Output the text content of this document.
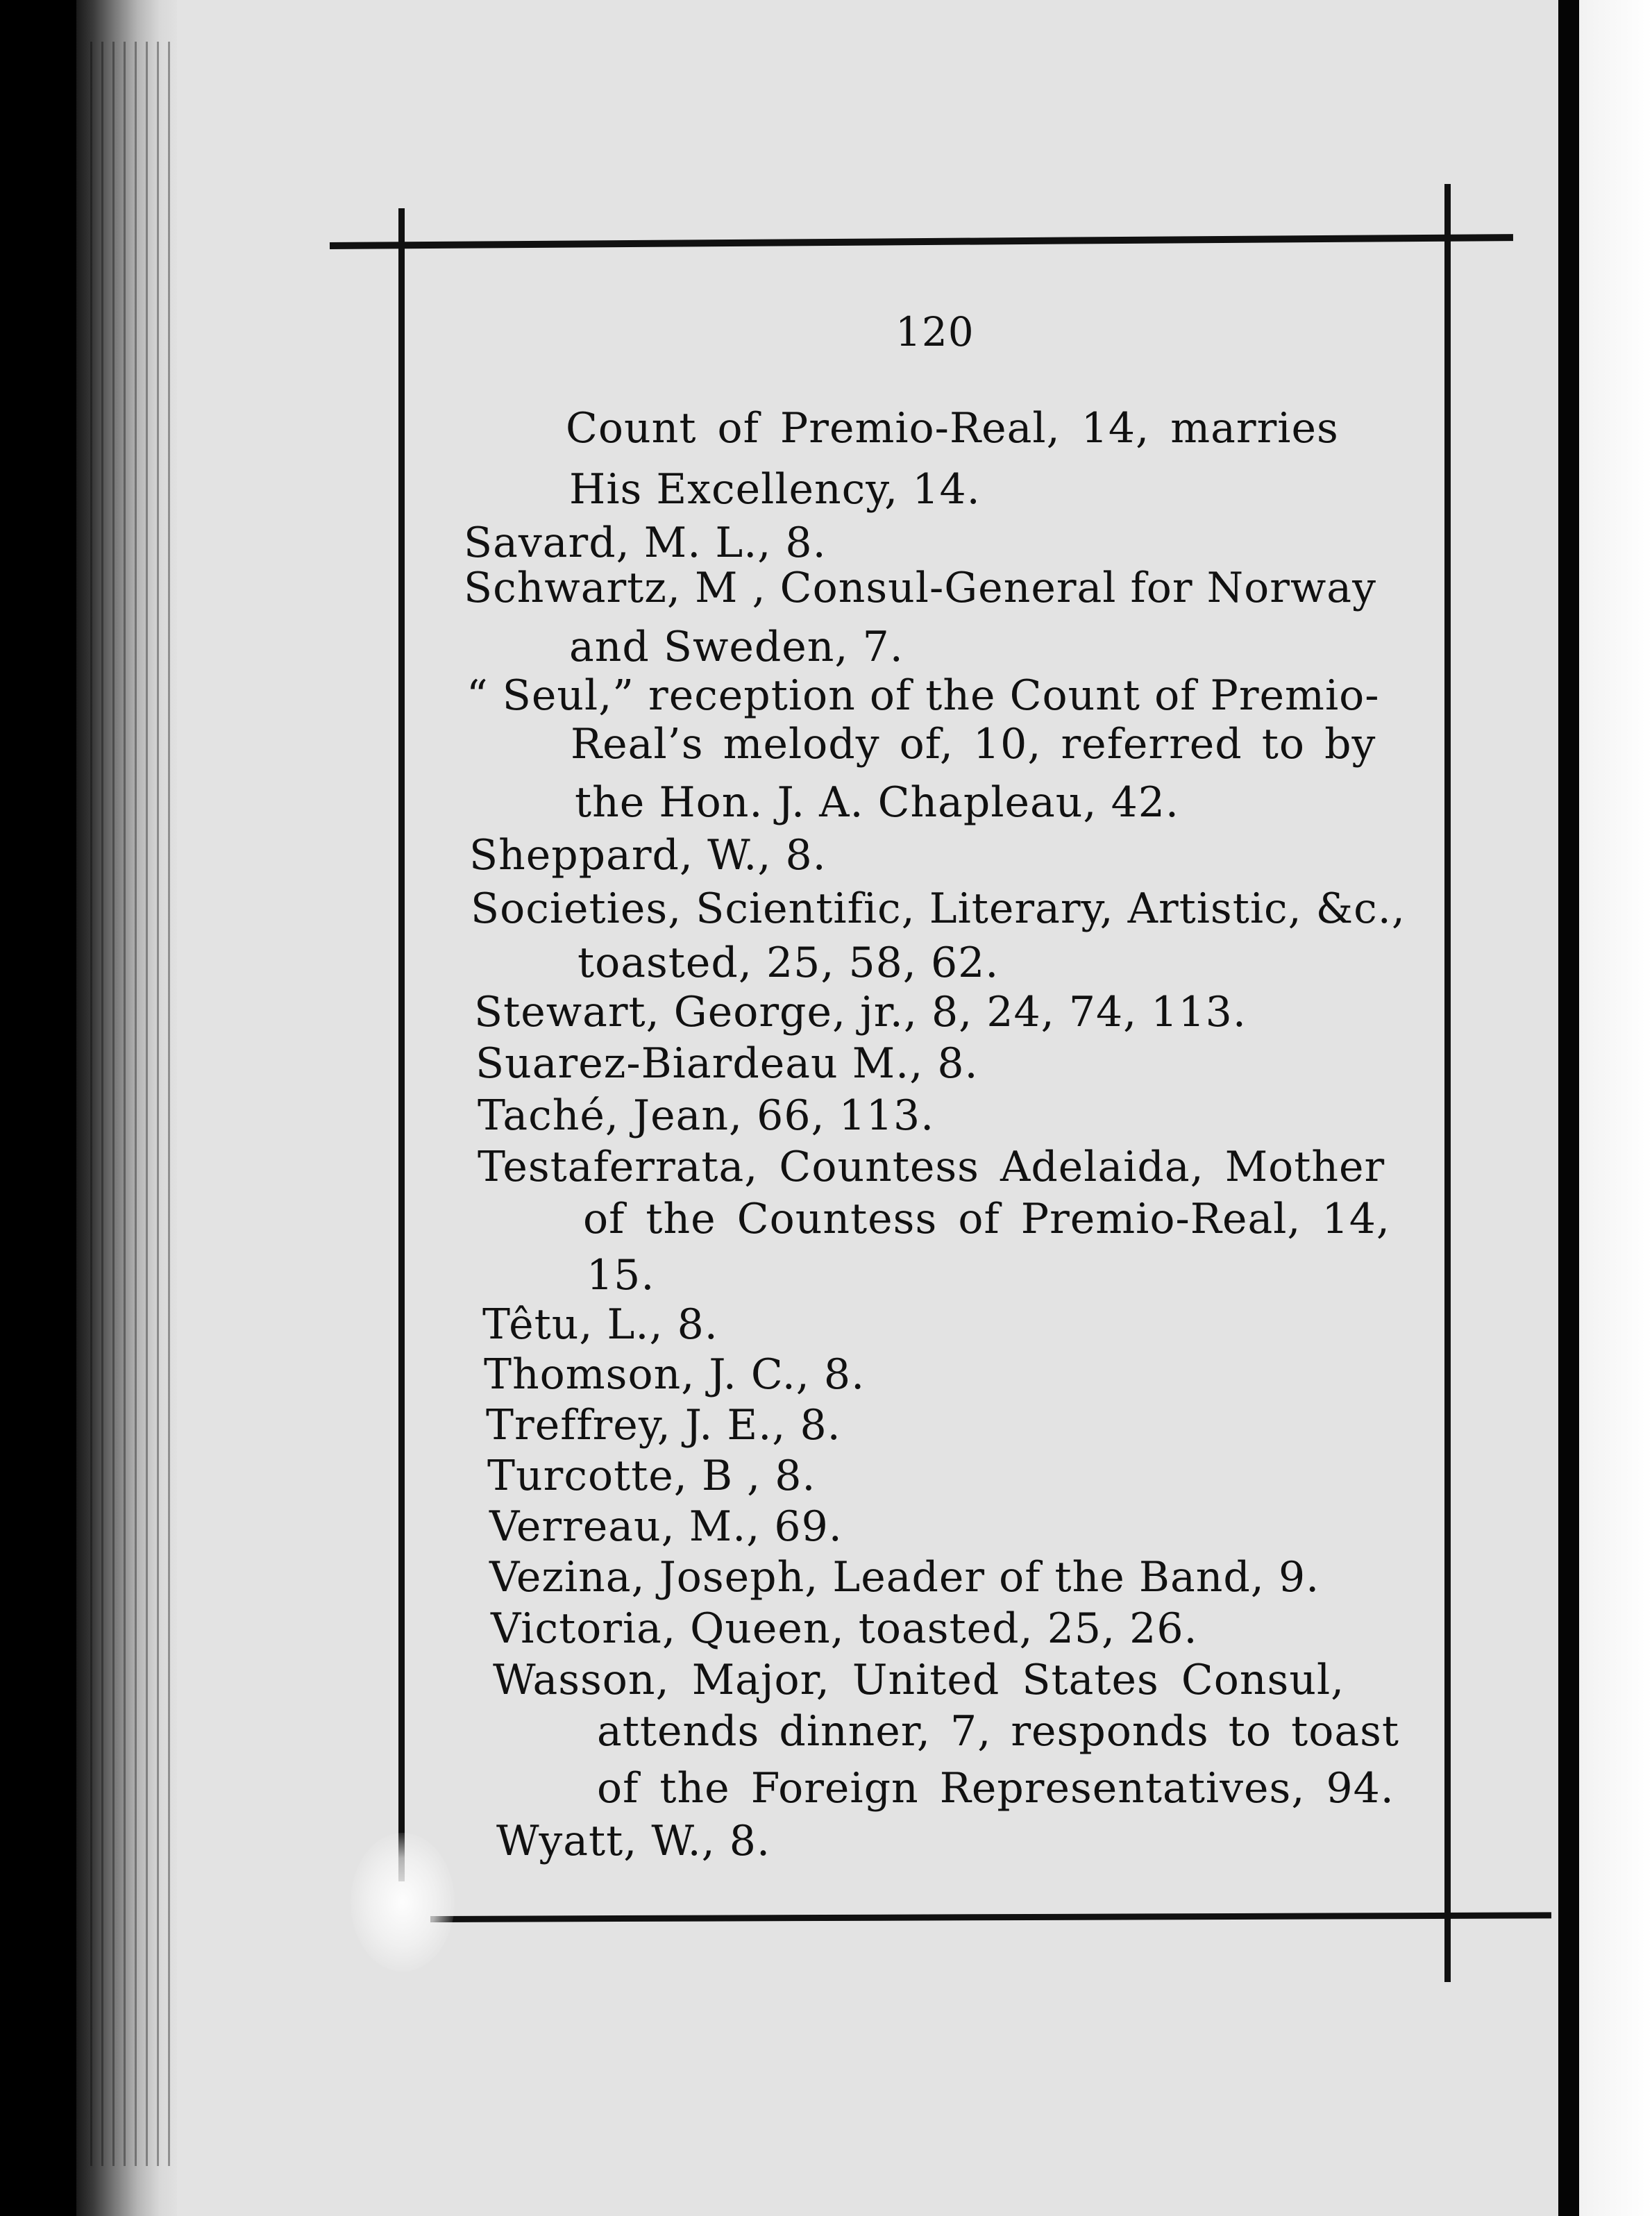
120
Count of Premio-Real, 14, marries
His Excellency, 14.
Savard, M. L., 8.
Schwartz, M , Consul-General for Norway
and Sweden, 7.
“ Seul,” reception of the Count of Premio-
Real’s melody of, 10, referred to by
the Hon. J. A. Chapleau, 42.
Sheppard, W., 8.
Societies, Scientific, Literary, Artistic, &c.,
toasted, 25, 58, 62.
Stewart, George, jr., 8, 24, 74, 113.
Suarez-Biardeau M., 8.
Taché, Jean, 66, 113.
Testaferrata, Countess Adelaida, Mother
of the Countess of Premio-Real, 14,
15.
Têtu, L., 8.
Thomson, J. C., 8.
Treffrey, J. E., 8.
Turcotte, B , 8.
Verreau, M., 69.
Vezina, Joseph, Leader of the Band, 9.
Victoria, Queen, toasted, 25, 26.
Wasson, Major, United States Consul,
attends dinner, 7, responds to toast
of the Foreign Representatives, 94.
Wyatt, W., 8.
